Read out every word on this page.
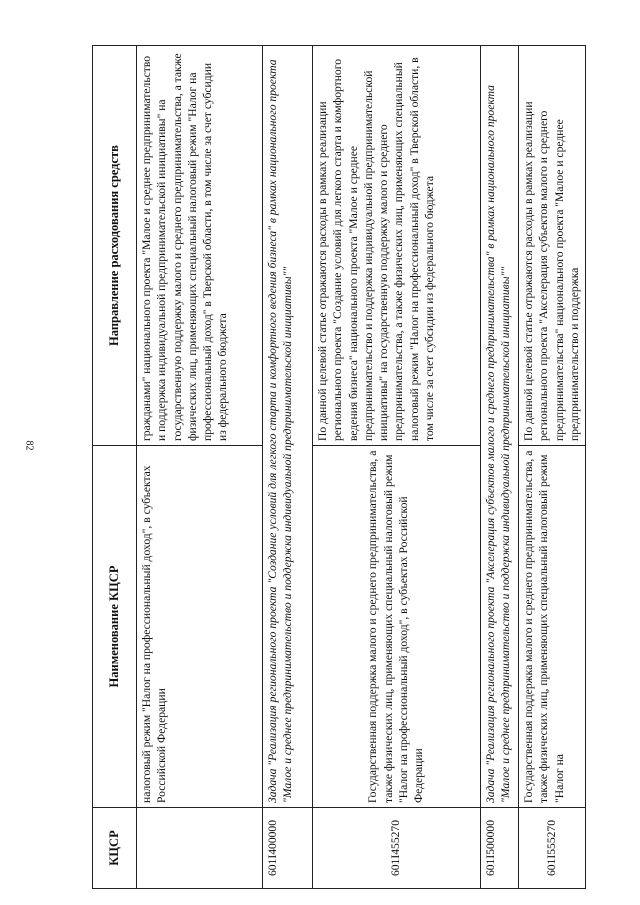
82
КЦСР	Наименование КЦСР	Направление расходования средств
	налоговый режим "Налог на профессиональный доход", в субъектах Российской Федерации	гражданами" национального проекта "Малое и среднее предпринимательство и поддержка индивидуальной предпринимательской инициативы" на государственную поддержку малого и среднего предпринимательства, а также физических лиц, применяющих специальный налоговый режим "Налог на профессиональный доход" в Тверской области, в том числе за счет субсидии из федерального бюджета
601I400000	Задача "Реализация регионального проекта "Создание условий для легкого старта и комфортного ведения бизнеса" в рамках национального проекта "Малое и среднее предпринимательство и поддержка индивидуальной предпринимательской инициативы""	
601I455270	Государственная поддержка малого и среднего предпринимательства, а также физических лиц, применяющих специальный налоговый режим "Налог на профессиональный доход", в субъектах Российской Федерации	По данной целевой статье отражаются расходы в рамках реализации регионального проекта "Создание условий для легкого старта и комфортного ведения бизнеса" национального проекта "Малое и среднее предпринимательство и поддержка индивидуальной предпринимательской инициативы" на государственную поддержку малого и среднего предпринимательства, а также физических лиц, применяющих специальный налоговый режим "Налог на профессиональный доход" в Тверской области, в том числе за счет субсидии из федерального бюджета
601I500000	Задача "Реализация регионального проекта "Акселерация субъектов малого и среднего предпринимательства" в рамках национального проекта "Малое и среднее предпринимательство и поддержка индивидуальной предпринимательской инициативы""	
601I555270	Государственная поддержка малого и среднего предпринимательства, а также физических лиц, применяющих специальный налоговый режим "Налог на	По данной целевой статье отражаются расходы в рамках реализации регионального проекта "Акселерация субъектов малого и среднего предпринимательства" национального проекта "Малое и среднее предпринимательство и поддержка
